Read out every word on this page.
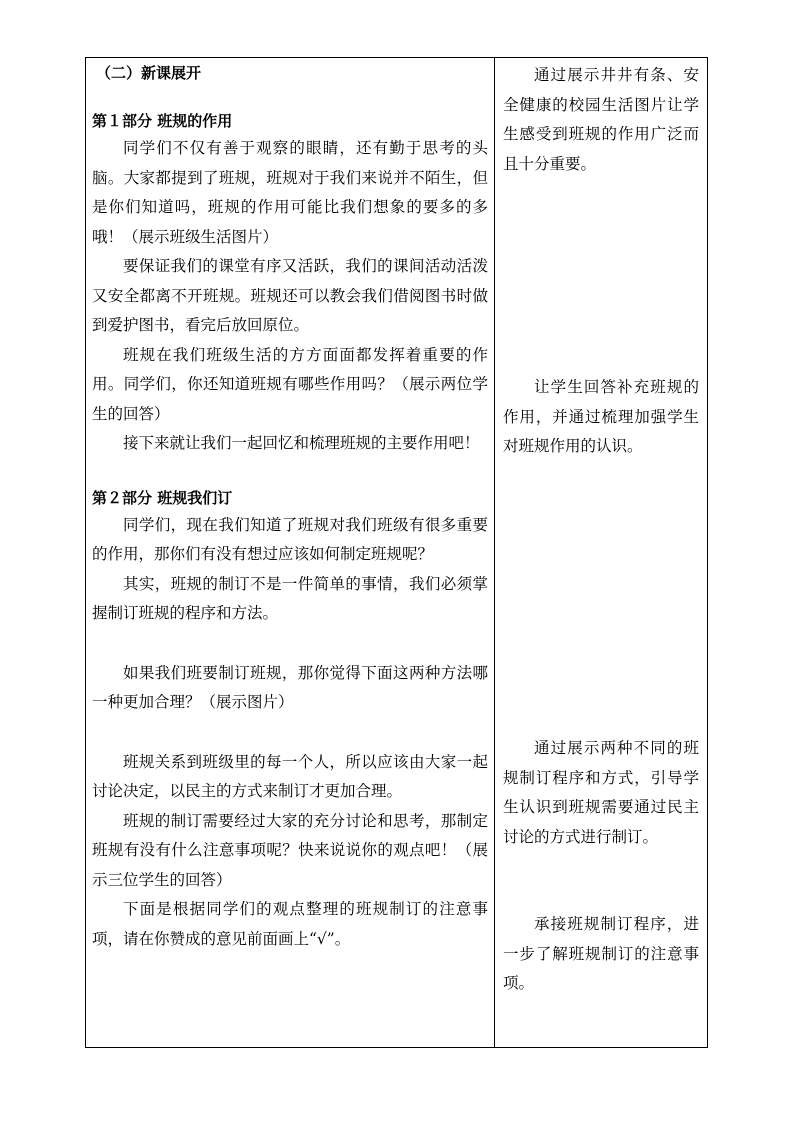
（二）新课展开

第１部分 班规的作用

同学们不仅有善于观察的眼睛，还有勤于思考的头脑。大家都提到了班规，班规对于我们来说并不陌生，但是你们知道吗，班规的作用可能比我们想象的要多的多哦！（展示班级生活图片）

要保证我们的课堂有序又活跃，我们的课间活动活泼又安全都离不开班规。班规还可以教会我们借阅图书时做到爱护图书，看完后放回原位。

班规在我们班级生活的方方面面都发挥着重要的作用。同学们，你还知道班规有哪些作用吗？（展示两位学生的回答）

接下来就让我们一起回忆和梳理班规的主要作用吧！

第２部分 班规我们订

同学们，现在我们知道了班规对我们班级有很多重要的作用，那你们有没有想过应该如何制定班规呢？

其实，班规的制订不是一件简单的事情，我们必须掌握制订班规的程序和方法。

如果我们班要制订班规，那你觉得下面这两种方法哪一种更加合理？（展示图片）

班规关系到班级里的每一个人，所以应该由大家一起讨论决定，以民主的方式来制订才更加合理。

班规的制订需要经过大家的充分讨论和思考，那制定班规有没有什么注意事项呢？快来说说你的观点吧！（展示三位学生的回答）

下面是根据同学们的观点整理的班规制订的注意事项，请在你赞成的意见前面画上“√”。

通过展示井井有条、安全健康的校园生活图片让学生感受到班规的作用广泛而且十分重要。

让学生回答补充班规的作用，并通过梳理加强学生对班规作用的认识。

通过展示两种不同的班规制订程序和方式，引导学生认识到班规需要通过民主讨论的方式进行制订。

承接班规制订程序，进一步了解班规制订的注意事项。
